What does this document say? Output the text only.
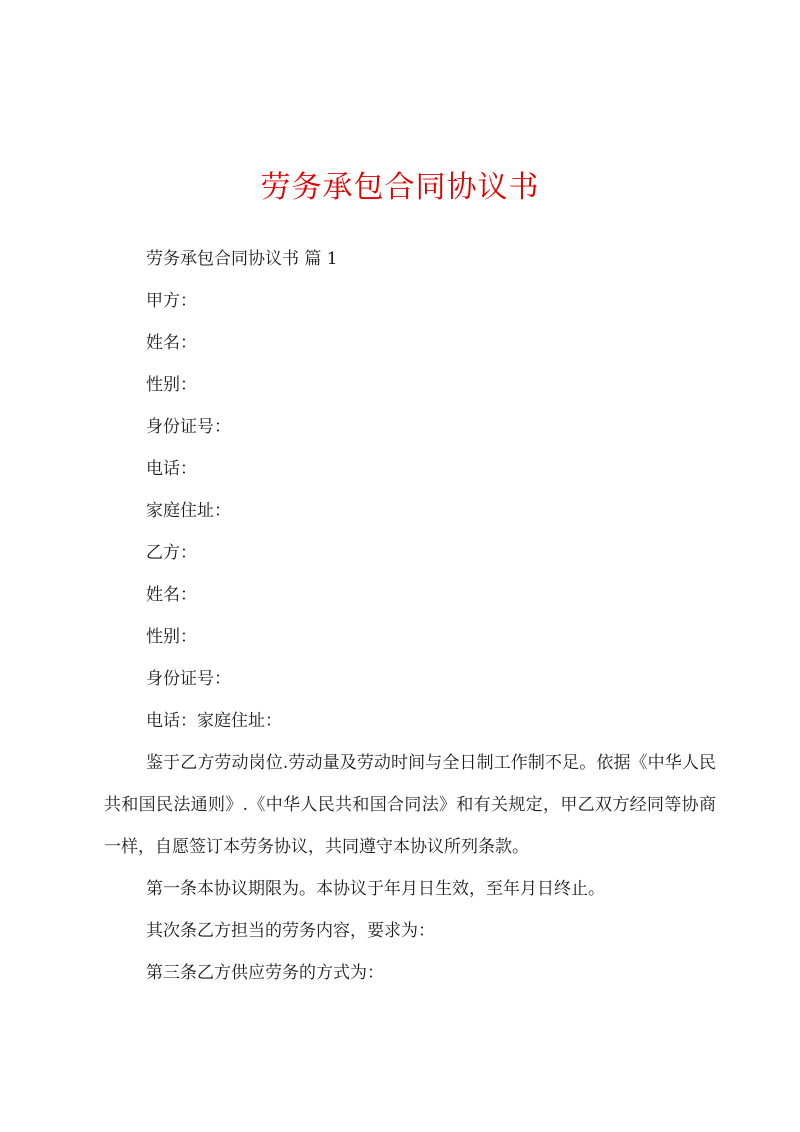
劳务承包合同协议书

劳务承包合同协议书 篇 1

甲方：

姓名：

性别：

身份证号：

电话：

家庭住址：

乙方：

姓名：

性别：

身份证号：

电话：家庭住址：

鉴于乙方劳动岗位.劳动量及劳动时间与全日制工作制不足。依据《中华人民共和国民法通则》.《中华人民共和国合同法》和有关规定，甲乙双方经同等协商一样，自愿签订本劳务协议，共同遵守本协议所列条款。

第一条本协议期限为。本协议于年月日生效，至年月日终止。

其次条乙方担当的劳务内容，要求为：

第三条乙方供应劳务的方式为：
